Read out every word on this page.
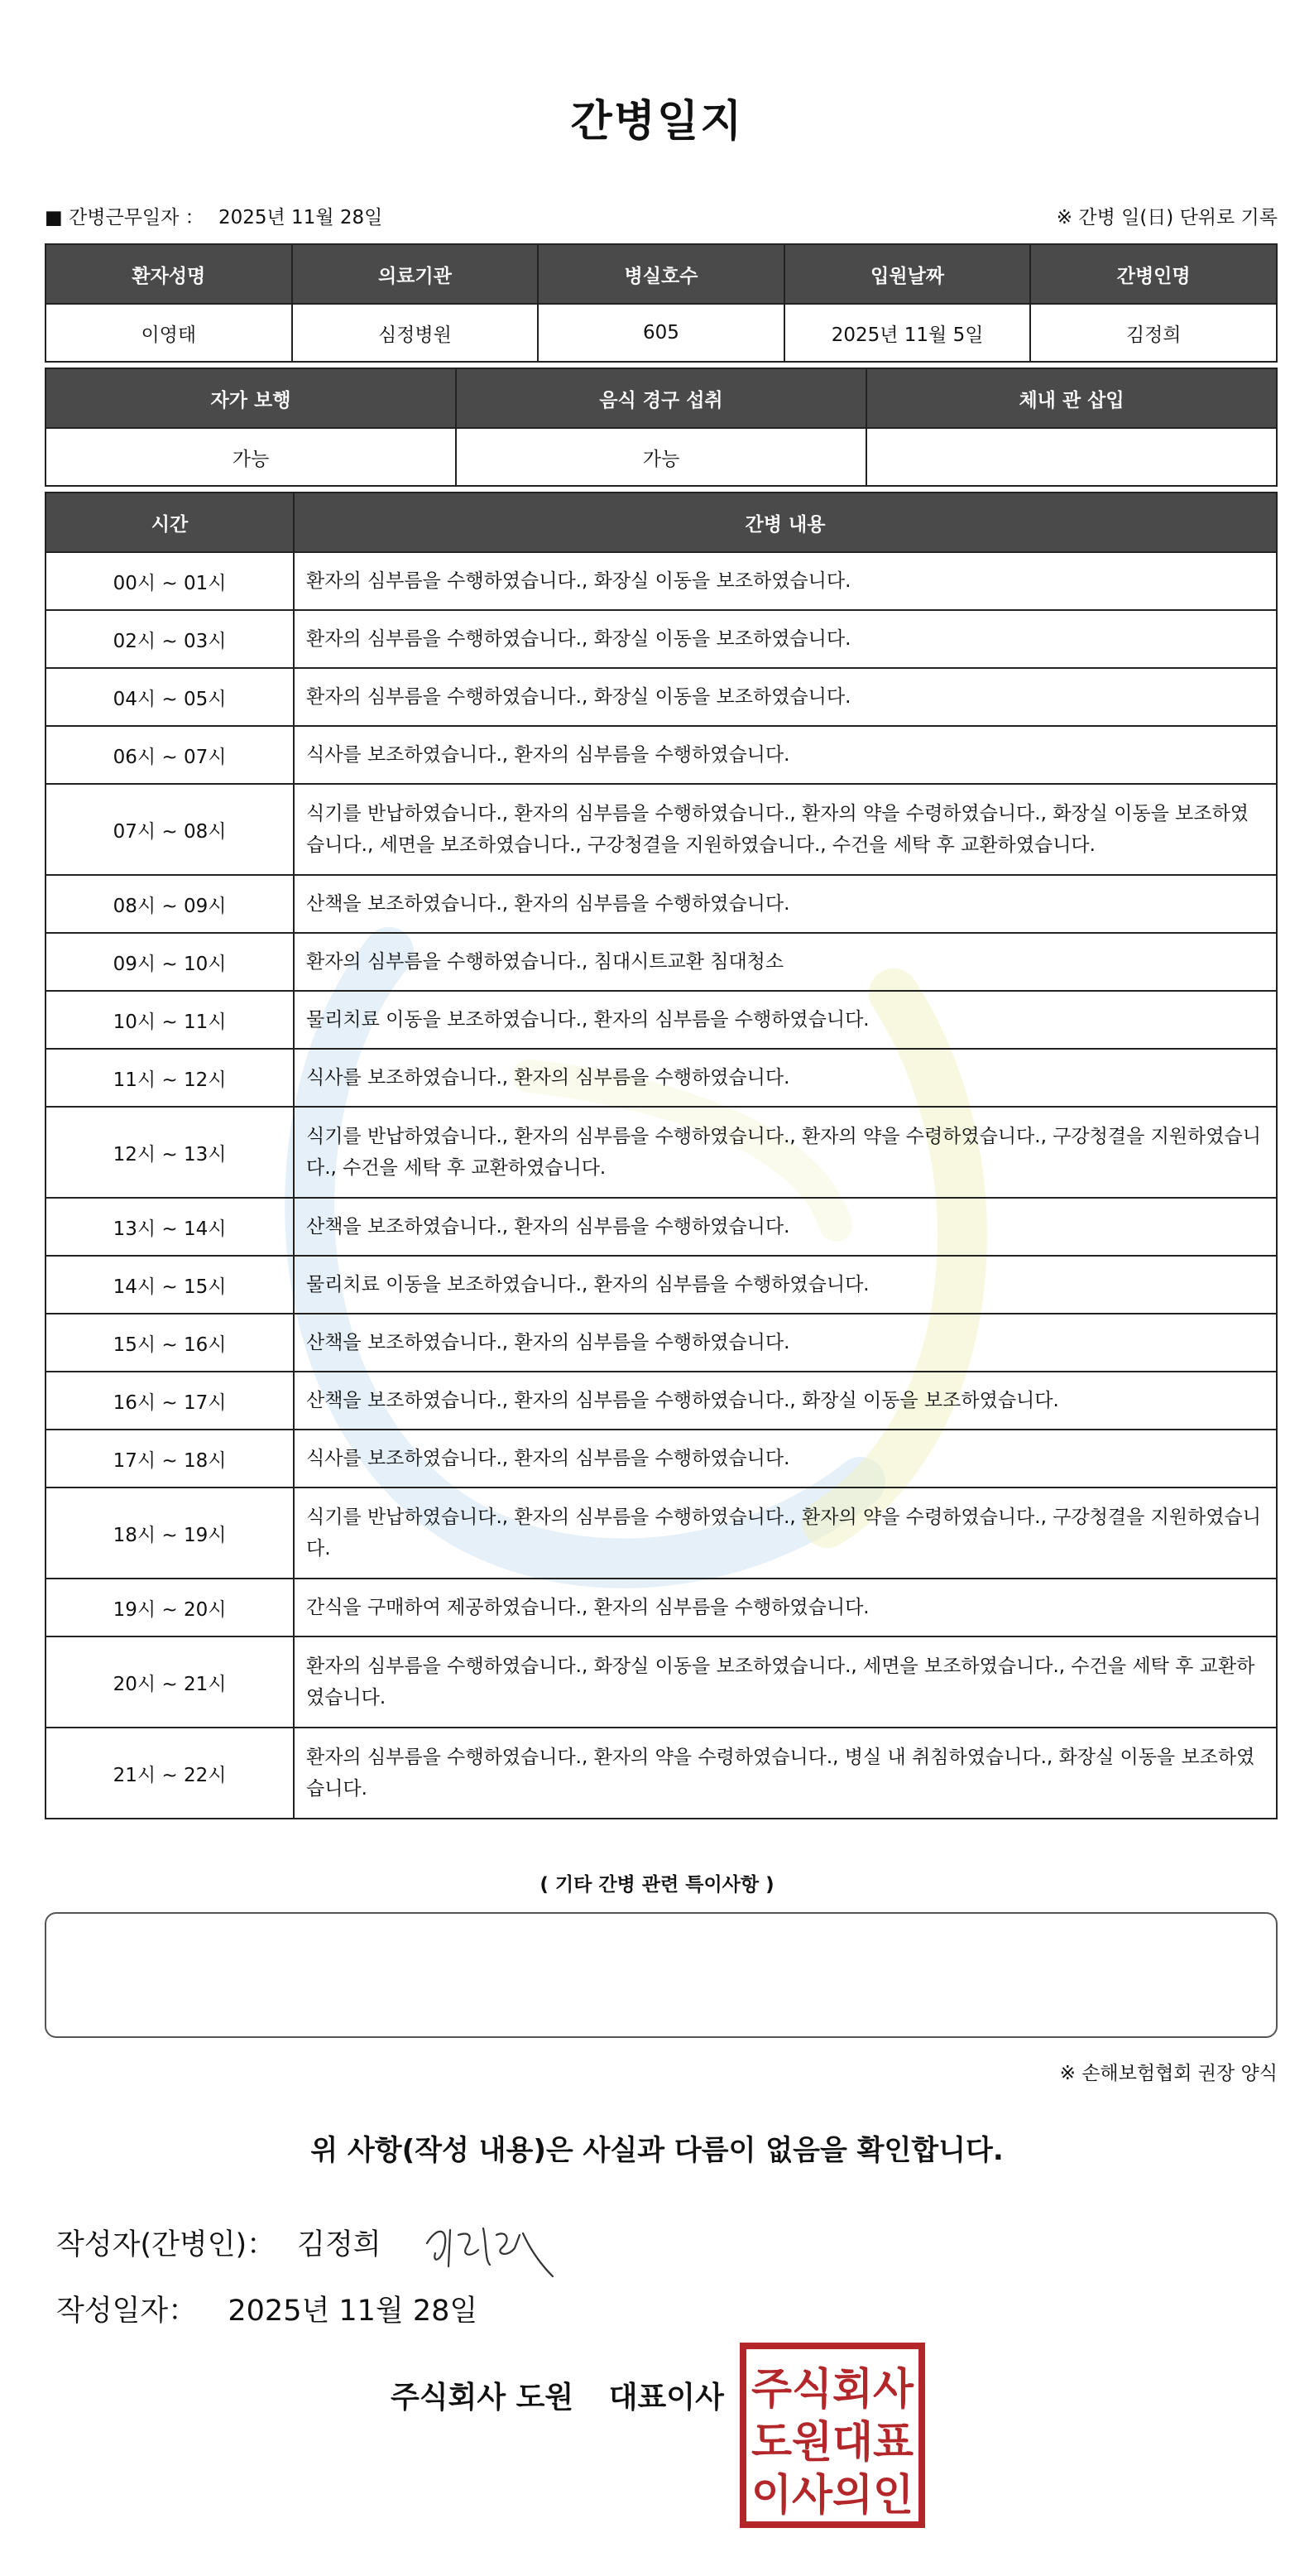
간병일지
■ 간병근무일자 ： 2025년 11월 28일	※ 간병 일(日) 단위로 기록
환자성명	의료기관	병실호수	입원날짜	간병인명
이영태	심정병원	605	2025년 11월 5일	김정희
자가 보행	음식 경구 섭취	체내 관 삽입
가능	가능	
시간	간병 내용
00시 ~ 01시	환자의 심부름을 수행하였습니다., 화장실 이동을 보조하였습니다.
02시 ~ 03시	환자의 심부름을 수행하였습니다., 화장실 이동을 보조하였습니다.
04시 ~ 05시	환자의 심부름을 수행하였습니다., 화장실 이동을 보조하였습니다.
06시 ~ 07시	식사를 보조하였습니다., 환자의 심부름을 수행하였습니다.
07시 ~ 08시	식기를 반납하였습니다., 환자의 심부름을 수행하였습니다., 환자의 약을 수령하였습니다., 화장실 이동을 보조하였습니다., 세면을 보조하였습니다., 구강청결을 지원하였습니다., 수건을 세탁 후 교환하였습니다.
08시 ~ 09시	산책을 보조하였습니다., 환자의 심부름을 수행하였습니다.
09시 ~ 10시	환자의 심부름을 수행하였습니다., 침대시트교환 침대청소
10시 ~ 11시	물리치료 이동을 보조하였습니다., 환자의 심부름을 수행하였습니다.
11시 ~ 12시	식사를 보조하였습니다., 환자의 심부름을 수행하였습니다.
12시 ~ 13시	식기를 반납하였습니다., 환자의 심부름을 수행하였습니다., 환자의 약을 수령하였습니다., 구강청결을 지원하였습니다., 수건을 세탁 후 교환하였습니다.
13시 ~ 14시	산책을 보조하였습니다., 환자의 심부름을 수행하였습니다.
14시 ~ 15시	물리치료 이동을 보조하였습니다., 환자의 심부름을 수행하였습니다.
15시 ~ 16시	산책을 보조하였습니다., 환자의 심부름을 수행하였습니다.
16시 ~ 17시	산책을 보조하였습니다., 환자의 심부름을 수행하였습니다., 화장실 이동을 보조하였습니다.
17시 ~ 18시	식사를 보조하였습니다., 환자의 심부름을 수행하였습니다.
18시 ~ 19시	식기를 반납하였습니다., 환자의 심부름을 수행하였습니다., 환자의 약을 수령하였습니다., 구강청결을 지원하였습니다.
19시 ~ 20시	간식을 구매하여 제공하였습니다., 환자의 심부름을 수행하였습니다.
20시 ~ 21시	환자의 심부름을 수행하였습니다., 화장실 이동을 보조하였습니다., 세면을 보조하였습니다., 수건을 세탁 후 교환하였습니다.
21시 ~ 22시	환자의 심부름을 수행하였습니다., 환자의 약을 수령하였습니다., 병실 내 취침하였습니다., 화장실 이동을 보조하였습니다.
( 기타 간병 관련 특이사항 )
※ 손해보험협회 권장 양식
위 사항(작성 내용)은 사실과 다름이 없음을 확인합니다.
작성자(간병인)： 김정희
작성일자： 2025년 11월 28일
주식회사 도원 대표이사 주식회사
도원대표
이사의인
